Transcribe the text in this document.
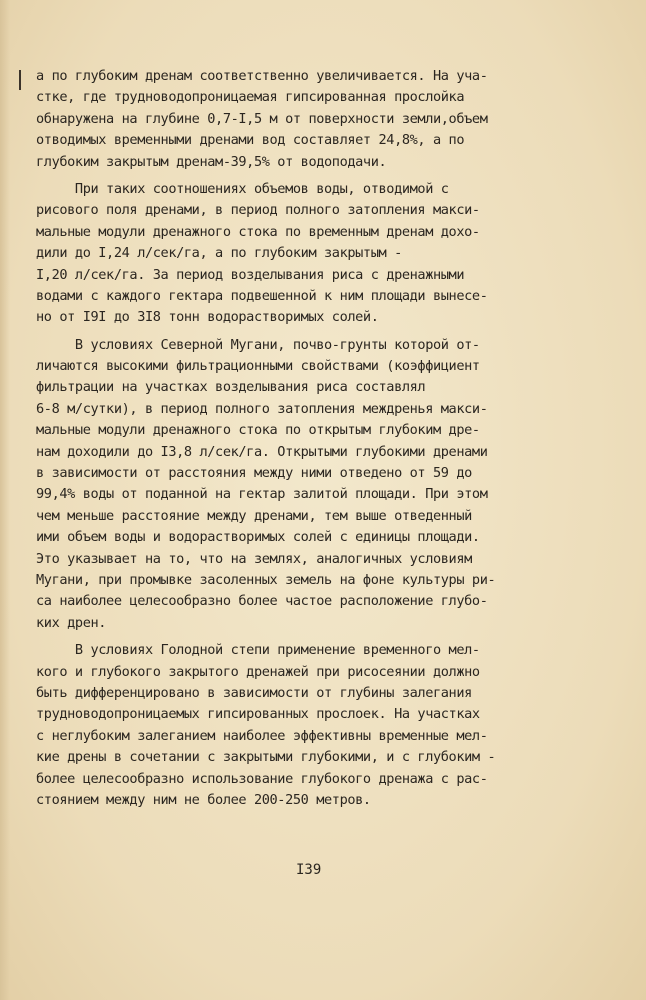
а по глубоким дренам соответственно увеличивается. На уча-
стке, где трудноводопроницаемая гипсированная прослойка
обнаружена на глубине 0,7-I,5 м от поверхности земли,объем
отводимых временными дренами вод составляет 24,8%, а по
глубоким закрытым дренам-39,5% от водоподачи.
При таких соотношениях объемов воды, отводимой с
рисового поля дренами, в период полного затопления макси-
мальные модули дренажного стока по временным дренам дохо-
дили до I,24 л/сек/га, а по глубоким закрытым -
I,20 л/сек/га. За период возделывания риса с дренажными
водами с каждого гектара подвешенной к ним площади вынесе-
но от I9I до 3I8 тонн водорастворимых солей.
В условиях Северной Мугани, почво-грунты которой от-
личаются высокими фильтрационными свойствами (коэффициент
фильтрации на участках возделывания риса составлял
6-8 м/сутки), в период полного затопления междренья макси-
мальные модули дренажного стока по открытым глубоким дре-
нам доходили до I3,8 л/сек/га. Открытыми глубокими дренами
в зависимости от расстояния между ними отведено от 59 до
99,4% воды от поданной на гектар залитой площади. При этом
чем меньше расстояние между дренами, тем выше отведенный
ими объем воды и водорастворимых солей с единицы площади.
Это указывает на то, что на землях, аналогичных условиям
Мугани, при промывке засоленных земель на фоне культуры ри-
са наиболее целесообразно более частое расположение глубо-
ких дрен.
В условиях Голодной степи применение временного мел-
кого и глубокого закрытого дренажей при рисосеянии должно
быть дифференцировано в зависимости от глубины залегания
трудноводопроницаемых гипсированных прослоек. На участках
с неглубоким залеганием наиболее эффективны временные мел-
кие дрены в сочетании с закрытыми глубокими, и с глубоким -
более целесообразно использование глубокого дренажа с рас-
стоянием между ним не более 200-250 метров.
I39
